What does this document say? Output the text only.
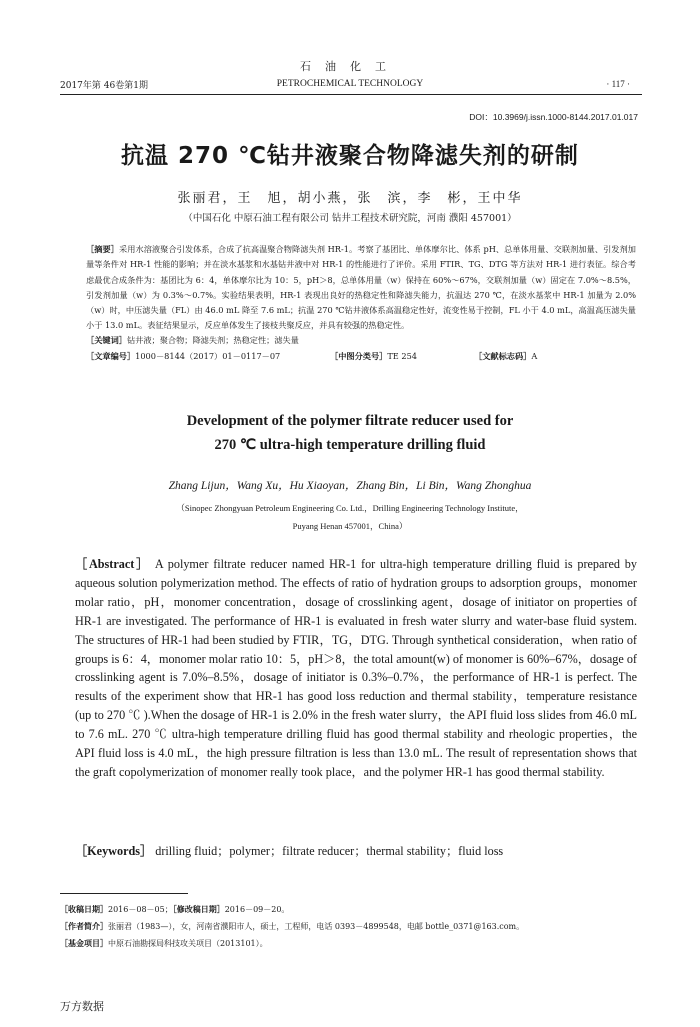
石油化工
2017年第 46卷第1期	PETROCHEMICAL TECHNOLOGY	· 117 ·
DOI：10.3969/j.issn.1000-8144.2017.01.017
抗温 270 ℃钻井液聚合物降滤失剂的研制
张丽君，王　旭，胡小燕，张　滨，李　彬，王中华
（中国石化 中原石油工程有限公司 钻井工程技术研究院，河南 濮阳 457001）
［摘要］采用水溶液聚合引发体系，合成了抗高温聚合物降滤失剂 HR-1。考察了基团比、单体摩尔比、体系 pH、总单体用量、交联剂加量、引发剂加量等条件对 HR-1 性能的影响；并在淡水基浆和水基钻井液中对 HR-1 的性能进行了评价。采用 FTIR、TG、DTG 等方法对 HR-1 进行表征。综合考虑最优合成条件为：基团比为 6：4，单体摩尔比为 10：5，pH＞8，总单体用量（w）保持在 60%～67%，交联剂加量（w）固定在 7.0%～8.5%，引发剂加量（w）为 0.3%～0.7%。实验结果表明，HR-1 表现出良好的热稳定性和降滤失能力，抗温达 270 ℃，在淡水基浆中 HR-1 加量为 2.0%（w）时，中压滤失量（FL）由 46.0 mL 降至 7.6 mL；抗温 270 ℃钻井液体系高温稳定性好，流变性易于控制，FL 小于 4.0 mL，高温高压滤失量小于 13.0 mL。表征结果显示，反应单体发生了接枝共聚反应，并具有较强的热稳定性。
［关键词］钻井液；聚合物；降滤失剂；热稳定性；滤失量
［文章编号］1000－8144（2017）01－0117－07	［中图分类号］TE 254	［文献标志码］A
Development of the polymer filtrate reducer used for
270 ℃ ultra-high temperature drilling fluid
Zhang Lijun，Wang Xu，Hu Xiaoyan，Zhang Bin，Li Bin，Wang Zhonghua
（Sinopec Zhongyuan Petroleum Engineering Co. Ltd.，Drilling Engineering Technology Institute，
Puyang Henan 457001，China）
［Abstract］ A polymer filtrate reducer named HR-1 for ultra-high temperature drilling fluid is prepared by aqueous solution polymerization method. The effects of ratio of hydration groups to adsorption groups，monomer molar ratio，pH，monomer concentration，dosage of crosslinking agent，dosage of initiator on properties of HR-1 are investigated. The performance of HR-1 is evaluated in fresh water slurry and water-base fluid system. The structures of HR-1 had been studied by FTIR，TG，DTG. Through synthetical consideration，when ratio of groups is 6：4，monomer molar ratio 10：5，pH＞8，the total amount(w) of monomer is 60%–67%，dosage of crosslinking agent is 7.0%–8.5%，dosage of initiator is 0.3%–0.7%，the performance of HR-1 is perfect. The results of the experiment show that HR-1 has good loss reduction and thermal stability，temperature resistance (up to 270 ℃ ).When the dosage of HR-1 is 2.0% in the fresh water slurry，the API fluid loss slides from 46.0 mL to 7.6 mL. 270 ℃ ultra-high temperature drilling fluid has good thermal stability and rheologic properties，the API fluid loss is 4.0 mL，the high pressure filtration is less than 13.0 mL. The result of representation shows that the graft copolymerization of monomer really took place，and the polymer HR-1 has good thermal stability.
［Keywords］ drilling fluid；polymer；filtrate reducer；thermal stability；fluid loss
［收稿日期］2016－08－05；［修改稿日期］2016－09－20。
［作者简介］张丽君（1983—），女，河南省濮阳市人，硕士，工程师，电话 0393－4899548，电邮 bottle_0371@163.com。
［基金项目］中原石油勘探局科技攻关项目（2013101）。
万方数据
